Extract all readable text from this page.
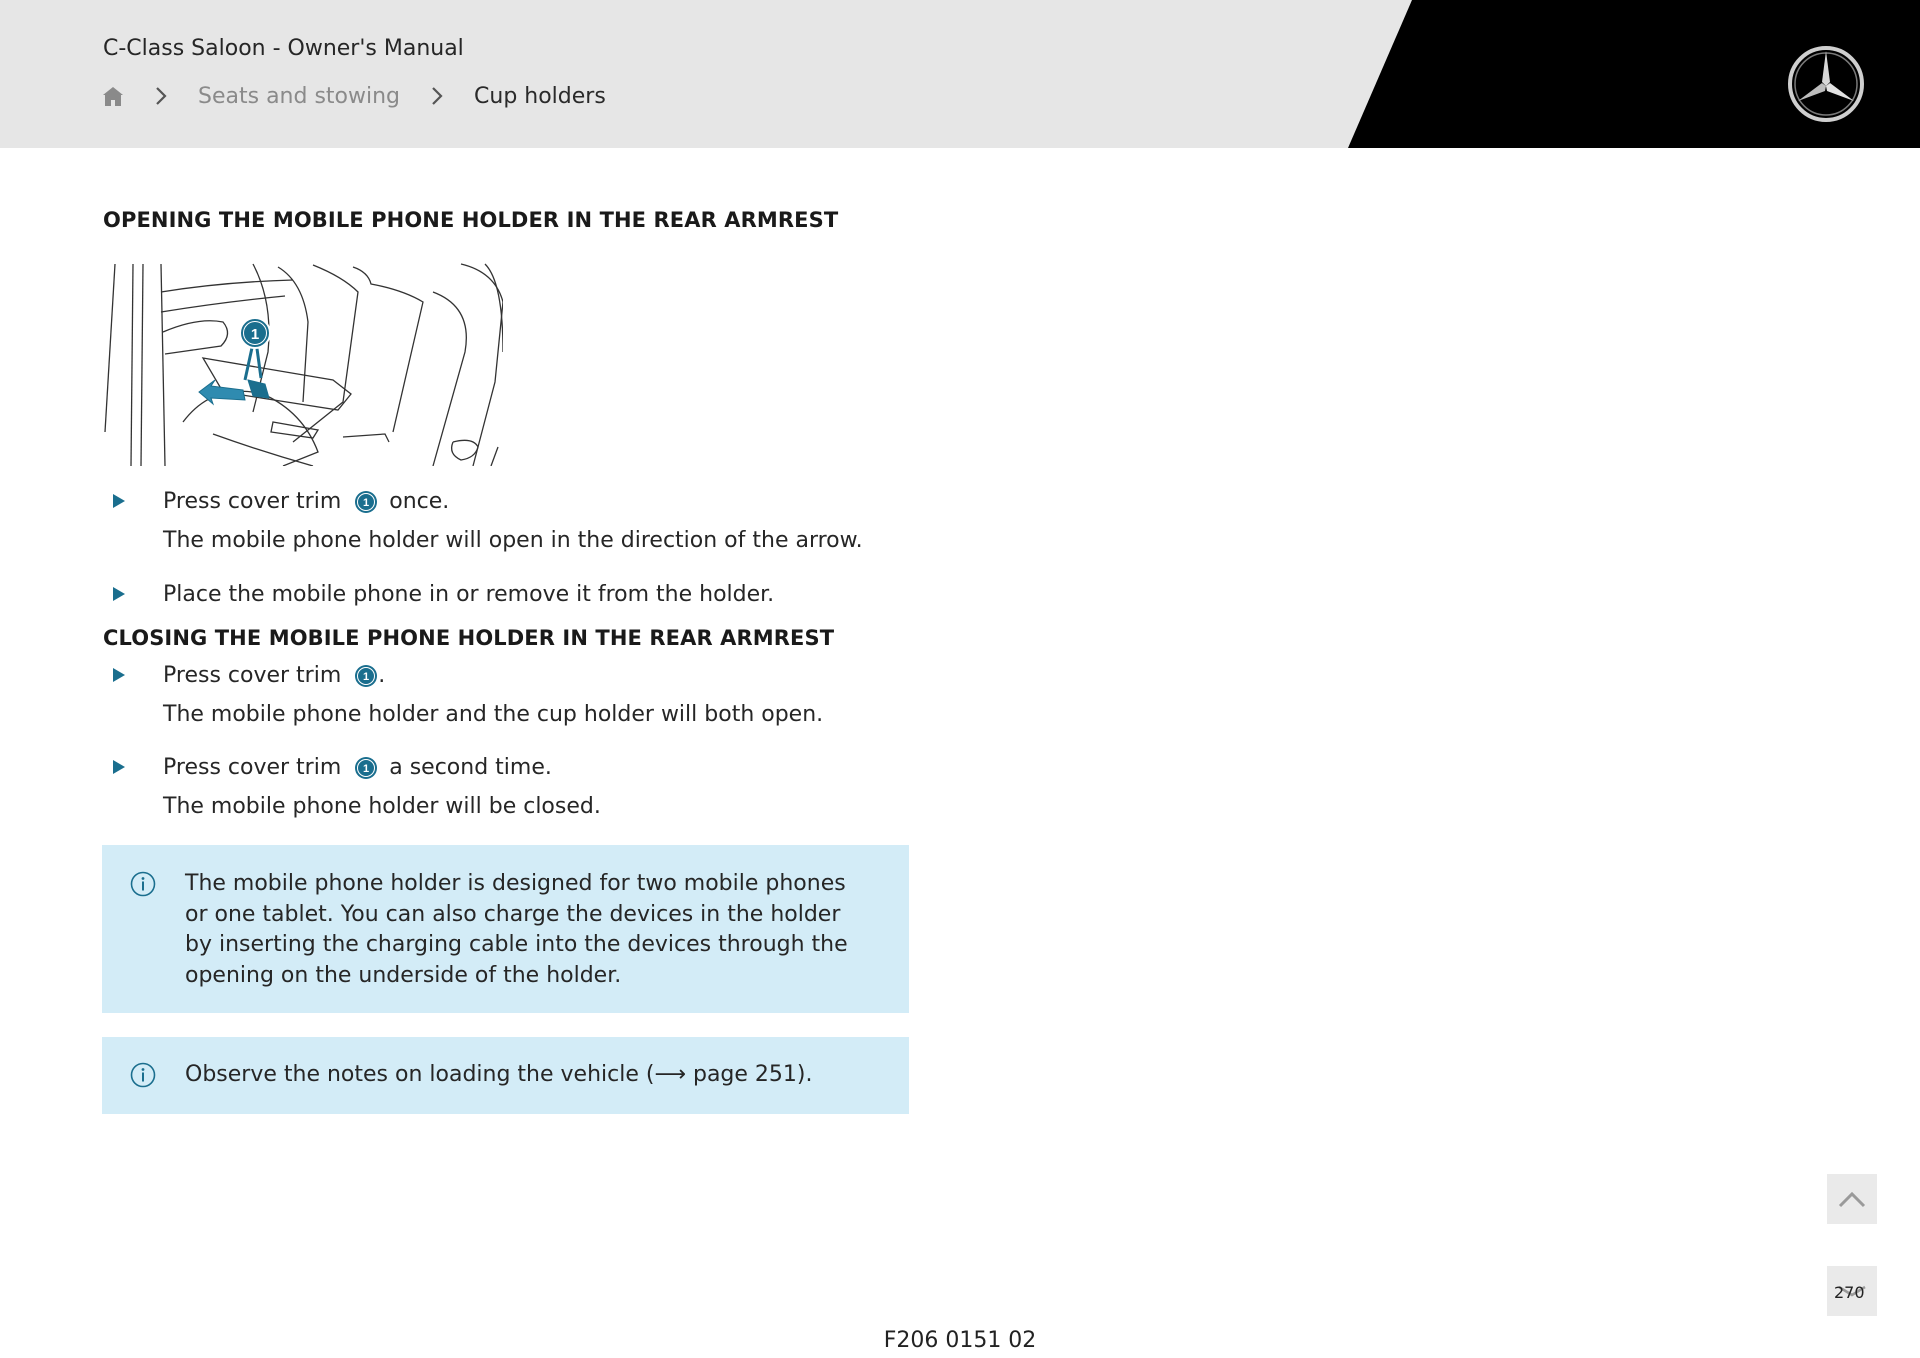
C-Class Saloon - Owner's Manual
Seats and stowing	Cup holders
OPENING THE MOBILE PHONE HOLDER IN THE REAR ARMREST
1
Press cover trim 1 once.
The mobile phone holder will open in the direction of the arrow.
Place the mobile phone in or remove it from the holder.
CLOSING THE MOBILE PHONE HOLDER IN THE REAR ARMREST
Press cover trim 1 .
The mobile phone holder and the cup holder will both open.
Press cover trim 1 a second time.
The mobile phone holder will be closed.
The mobile phone holder is designed for two mobile phones or one tablet. You can also charge the devices in the holder by inserting the charging cable into the devices through the opening on the underside of the holder.
Observe the notes on loading the vehicle (⟶ page 251).
270
F206 0151 02
